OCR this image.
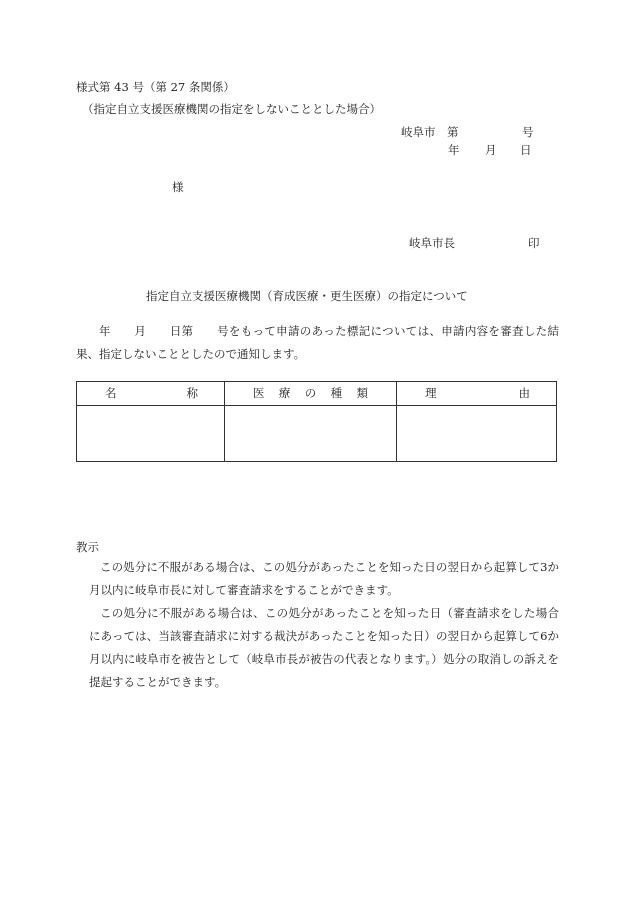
様式第 43 号（第 27 条関係）
（指定自立支援医療機関の指定をしないこととした場合）
岐阜市　第	号
年 月 日
様
岐阜市長	印
指定自立支援医療機関（育成医療・更生医療）の指定について
年　　月　　日第　　号をもって申請のあった標記については、申請内容を審査した結果、指定しないこととしたので通知します。
名 称	医 療 の 種 類	理 由

教示
この処分に不服がある場合は、この処分があったことを知った日の翌日から起算して3か月以内に岐阜市長に対して審査請求をすることができます。
この処分に不服がある場合は、この処分があったことを知った日（審査請求をした場合にあっては、当該審査請求に対する裁決があったことを知った日）の翌日から起算して6か月以内に岐阜市を被告として（岐阜市長が被告の代表となります。）処分の取消しの訴えを提起することができます。
